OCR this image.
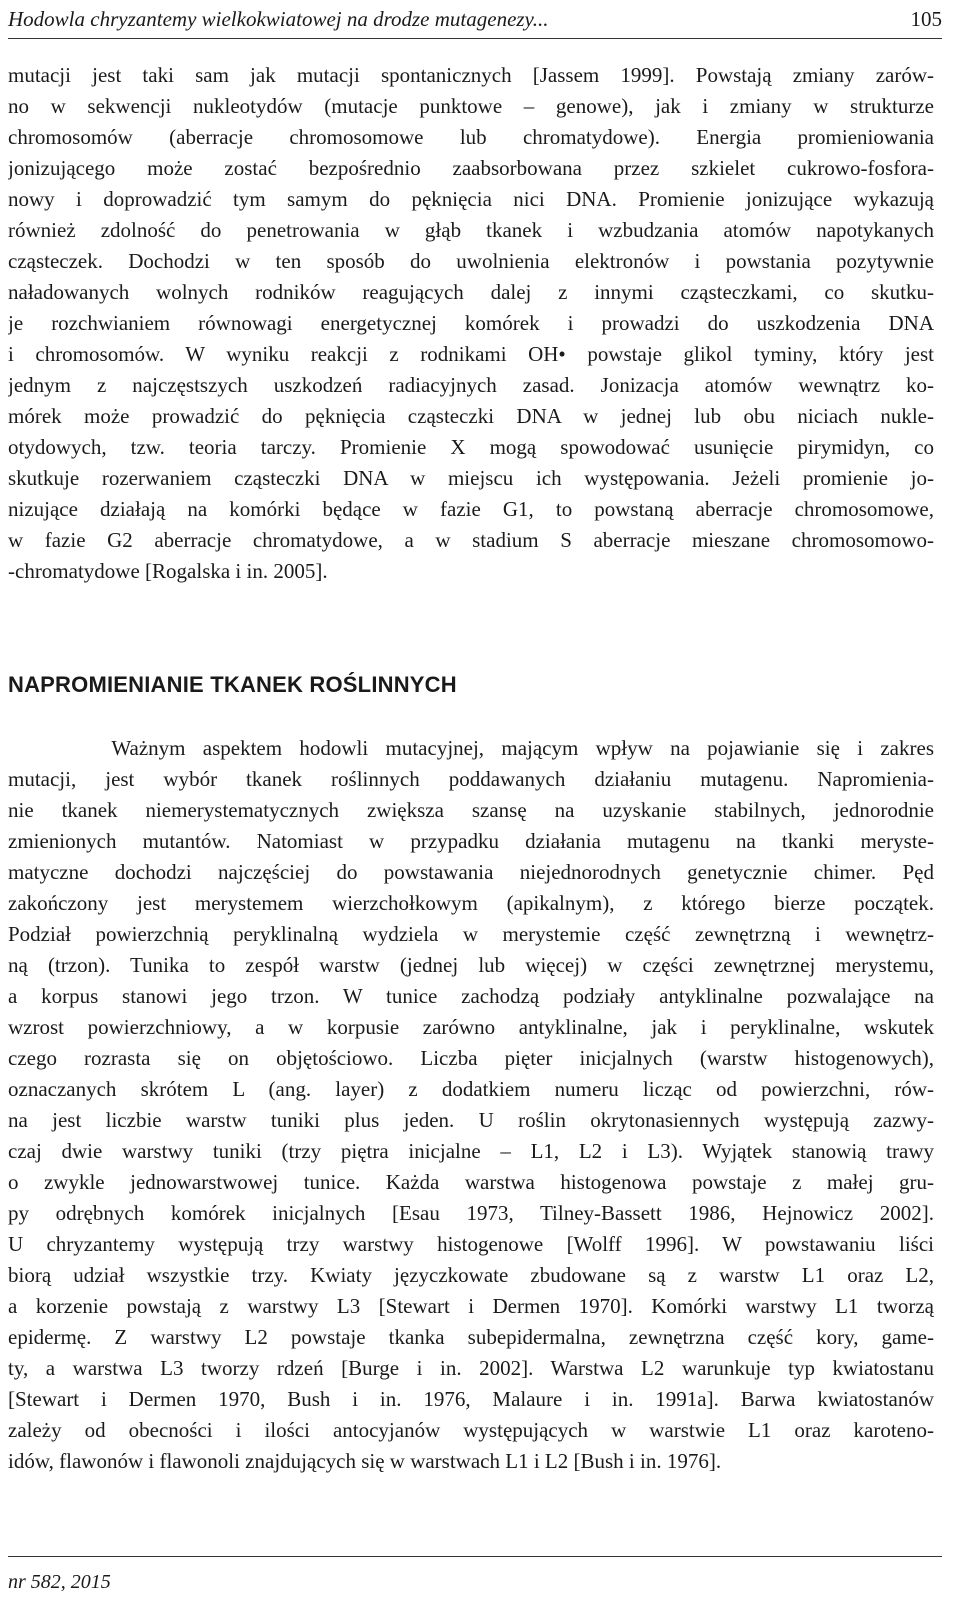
Hodowla chryzantemy wielkokwiatowej na drodze mutagenezy...	105
mutacji jest taki sam jak mutacji spontanicznych [Jassem 1999]. Powstają zmiany zarów-
no w sekwencji nukleotydów (mutacje punktowe – genowe), jak i zmiany w strukturze
chromosomów (aberracje chromosomowe lub chromatydowe). Energia promieniowania
jonizującego może zostać bezpośrednio zaabsorbowana przez szkielet cukrowo-fosfora-
nowy i doprowadzić tym samym do pęknięcia nici DNA. Promienie jonizujące wykazują
również zdolność do penetrowania w głąb tkanek i wzbudzania atomów napotykanych
cząsteczek. Dochodzi w ten sposób do uwolnienia elektronów i powstania pozytywnie
naładowanych wolnych rodników reagujących dalej z innymi cząsteczkami, co skutku-
je rozchwianiem równowagi energetycznej komórek i prowadzi do uszkodzenia DNA
i chromosomów. W wyniku reakcji z rodnikami OH• powstaje glikol tyminy, który jest
jednym z najczęstszych uszkodzeń radiacyjnych zasad. Jonizacja atomów wewnątrz ko-
mórek może prowadzić do pęknięcia cząsteczki DNA w jednej lub obu niciach nukle-
otydowych, tzw. teoria tarczy. Promienie X mogą spowodować usunięcie pirymidyn, co
skutkuje rozerwaniem cząsteczki DNA w miejscu ich występowania. Jeżeli promienie jo-
nizujące działają na komórki będące w fazie G1, to powstaną aberracje chromosomowe,
w fazie G2 aberracje chromatydowe, a w stadium S aberracje mieszane chromosomowo-
-chromatydowe [Rogalska i in. 2005].
NAPROMIENIANIE TKANEK ROŚLINNYCH
Ważnym aspektem hodowli mutacyjnej, mającym wpływ na pojawianie się i zakres
mutacji, jest wybór tkanek roślinnych poddawanych działaniu mutagenu. Napromienia-
nie tkanek niemerystematycznych zwiększa szansę na uzyskanie stabilnych, jednorodnie
zmienionych mutantów. Natomiast w przypadku działania mutagenu na tkanki meryste-
matyczne dochodzi najczęściej do powstawania niejednorodnych genetycznie chimer. Pęd
zakończony jest merystemem wierzchołkowym (apikalnym), z którego bierze początek.
Podział powierzchnią peryklinalną wydziela w merystemie część zewnętrzną i wewnętrz-
ną (trzon). Tunika to zespół warstw (jednej lub więcej) w części zewnętrznej merystemu,
a korpus stanowi jego trzon. W tunice zachodzą podziały antyklinalne pozwalające na
wzrost powierzchniowy, a w korpusie zarówno antyklinalne, jak i peryklinalne, wskutek
czego rozrasta się on objętościowo. Liczba pięter inicjalnych (warstw histogenowych),
oznaczanych skrótem L (ang. layer) z dodatkiem numeru licząc od powierzchni, rów-
na jest liczbie warstw tuniki plus jeden. U roślin okrytonasiennych występują zazwy-
czaj dwie warstwy tuniki (trzy piętra inicjalne – L1, L2 i L3). Wyjątek stanowią trawy
o zwykle jednowarstwowej tunice. Każda warstwa histogenowa powstaje z małej gru-
py odrębnych komórek inicjalnych [Esau 1973, Tilney-Bassett 1986, Hejnowicz 2002].
U chryzantemy występują trzy warstwy histogenowe [Wolff 1996]. W powstawaniu liści
biorą udział wszystkie trzy. Kwiaty języczkowate zbudowane są z warstw L1 oraz L2,
a korzenie powstają z warstwy L3 [Stewart i Dermen 1970]. Komórki warstwy L1 tworzą
epidermę. Z warstwy L2 powstaje tkanka subepidermalna, zewnętrzna część kory, game-
ty, a warstwa L3 tworzy rdzeń [Burge i in. 2002]. Warstwa L2 warunkuje typ kwiatostanu
[Stewart i Dermen 1970, Bush i in. 1976, Malaure i in. 1991a]. Barwa kwiatostanów
zależy od obecności i ilości antocyjanów występujących w warstwie L1 oraz karoteno-
idów, flawonów i flawonoli znajdujących się w warstwach L1 i L2 [Bush i in. 1976].
nr 582, 2015
